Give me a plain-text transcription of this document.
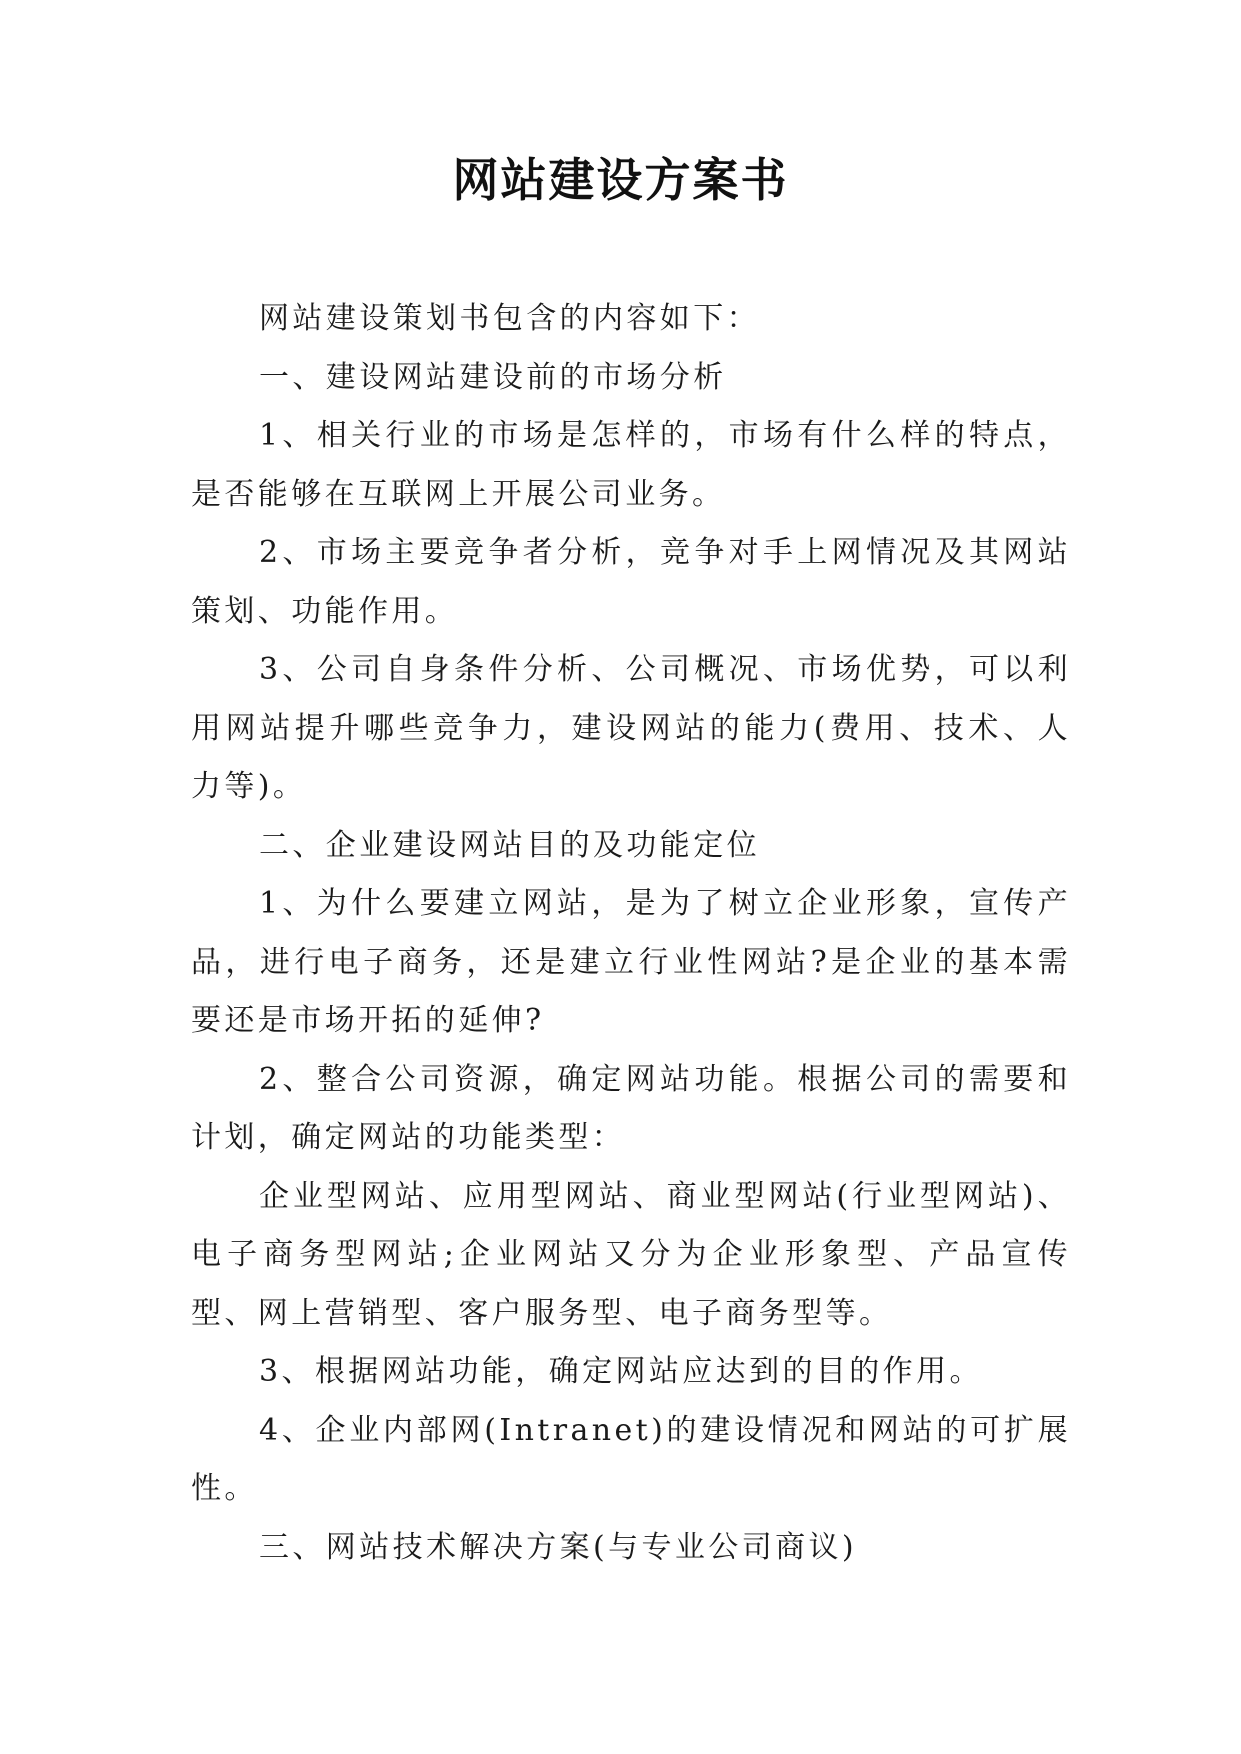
网站建设方案书

网站建设策划书包含的内容如下：

一、建设网站建设前的市场分析

1、相关行业的市场是怎样的，市场有什么样的特点，是否能够在互联网上开展公司业务。

2、市场主要竞争者分析，竞争对手上网情况及其网站策划、功能作用。

3、公司自身条件分析、公司概况、市场优势，可以利用网站提升哪些竞争力，建设网站的能力(费用、技术、人力等)。

二、企业建设网站目的及功能定位

1、为什么要建立网站，是为了树立企业形象，宣传产品，进行电子商务，还是建立行业性网站?是企业的基本需要还是市场开拓的延伸?

2、整合公司资源，确定网站功能。根据公司的需要和计划，确定网站的功能类型：

企业型网站、应用型网站、商业型网站(行业型网站)、电子商务型网站;企业网站又分为企业形象型、产品宣传型、网上营销型、客户服务型、电子商务型等。

3、根据网站功能，确定网站应达到的目的作用。

4、企业内部网(Intranet)的建设情况和网站的可扩展性。

三、网站技术解决方案(与专业公司商议)
